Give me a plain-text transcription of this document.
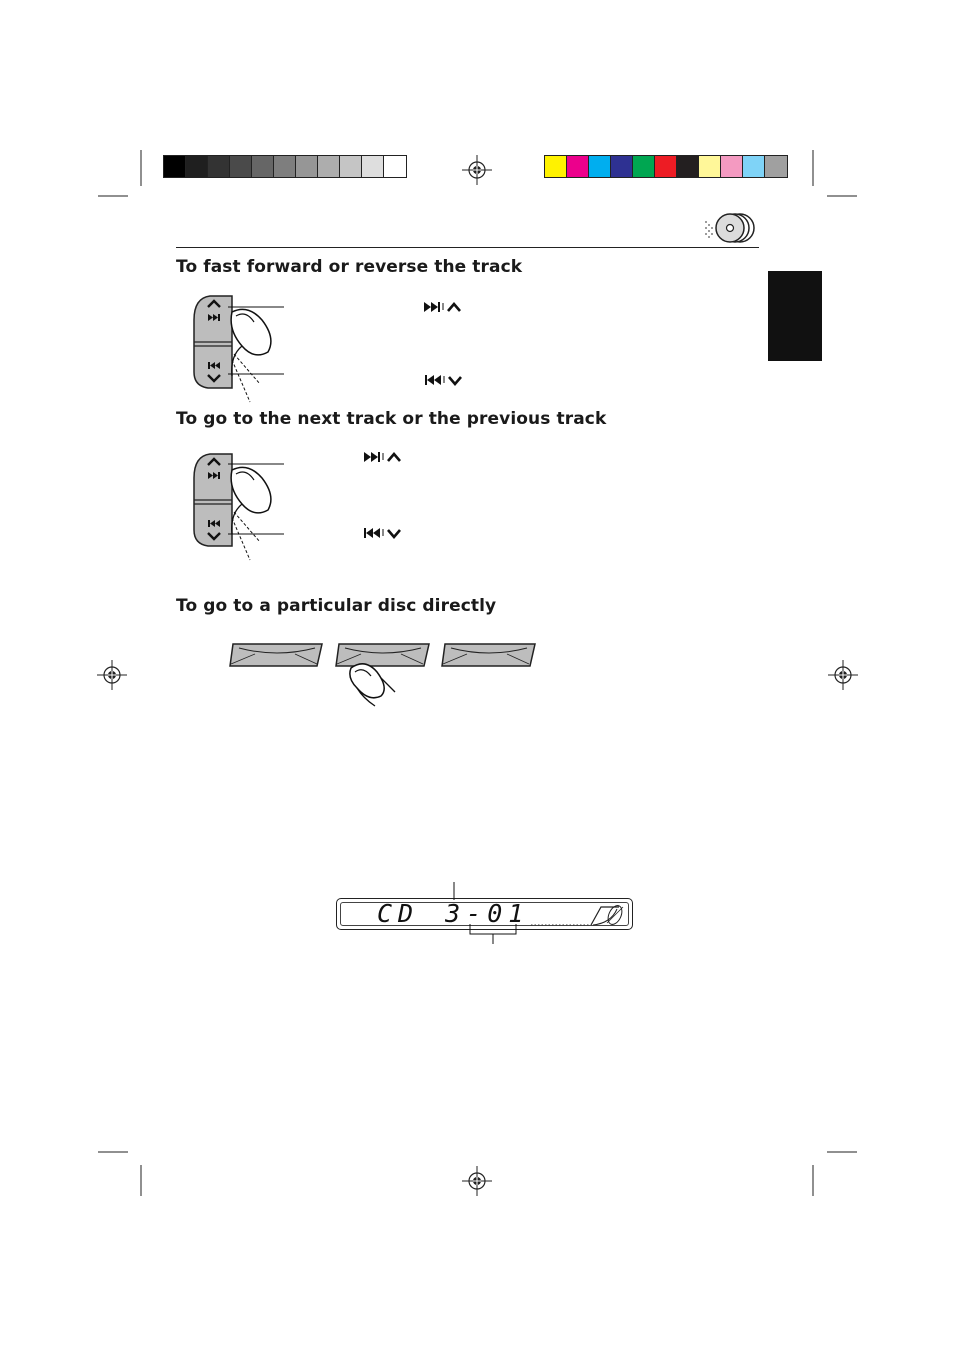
To fast forward or reverse the track
To go to the next track or the previous track
To go to a particular disc directly
CD 3-01
